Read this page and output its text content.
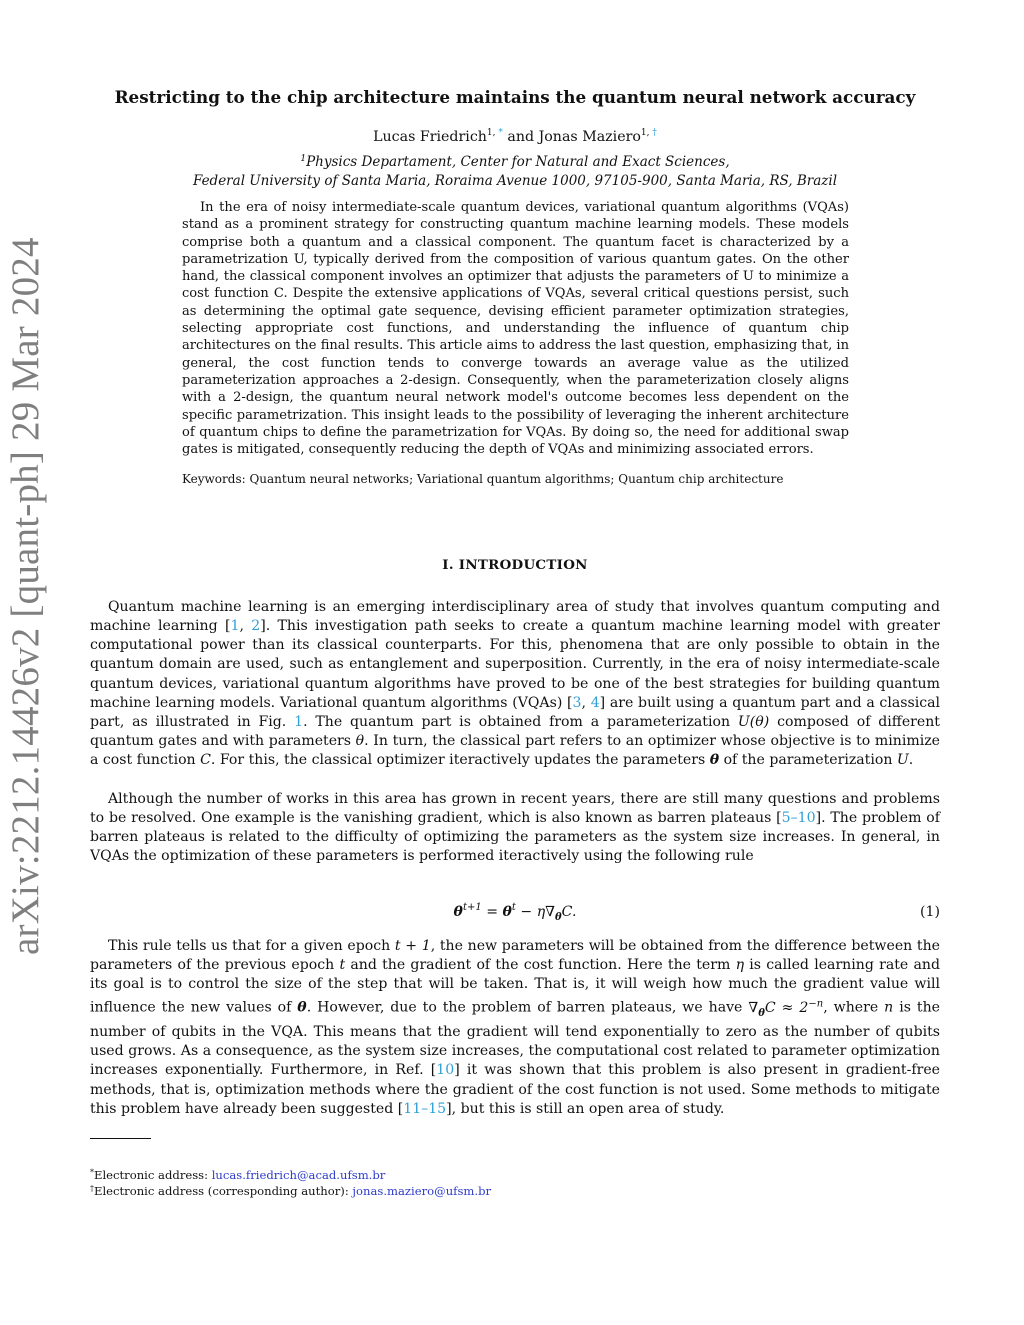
arXiv:2212.14426v2 [quant-ph] 29 Mar 2024
Restricting to the chip architecture maintains the quantum neural network accuracy
Lucas Friedrich$^{1, *}$ and Jonas Maziero$^{1, \dagger}$
$^1$Physics Departament, Center for Natural and Exact Sciences,
Federal University of Santa Maria, Roraima Avenue 1000, 97105-900, Santa Maria, RS, Brazil

In the era of noisy intermediate-scale quantum devices, variational quantum algorithms (VQAs) stand as a prominent strategy for constructing quantum machine learning models. These models comprise both a quantum and a classical component. The quantum facet is characterized by a parametrization U, typically derived from the composition of various quantum gates. On the other hand, the classical component involves an optimizer that adjusts the parameters of U to minimize a cost function C. Despite the extensive applications of VQAs, several critical questions persist, such as determining the optimal gate sequence, devising efficient parameter optimization strategies, selecting appropriate cost functions, and understanding the influence of quantum chip architectures on the final results. This article aims to address the last question, emphasizing that, in general, the cost function tends to converge towards an average value as the utilized parameterization approaches a 2-design. Consequently, when the parameterization closely aligns with a 2-design, the quantum neural network model's outcome becomes less dependent on the specific parametrization. This insight leads to the possibility of leveraging the inherent architecture of quantum chips to define the parametrization for VQAs. By doing so, the need for additional swap gates is mitigated, consequently reducing the depth of VQAs and minimizing associated errors.

Keywords: Quantum neural networks; Variational quantum algorithms; Quantum chip architecture

I. INTRODUCTION

Quantum machine learning is an emerging interdisciplinary area of study that involves quantum computing and machine learning [1, 2]. This investigation path seeks to create a quantum machine learning model with greater computational power than its classical counterparts. For this, phenomena that are only possible to obtain in the quantum domain are used, such as entanglement and superposition. Currently, in the era of noisy intermediate-scale quantum devices, variational quantum algorithms have proved to be one of the best strategies for building quantum machine learning models. Variational quantum algorithms (VQAs) [3, 4] are built using a quantum part and a classical part, as illustrated in Fig. 1. The quantum part is obtained from a parameterization U(θ) composed of different quantum gates and with parameters θ. In turn, the classical part refers to an optimizer whose objective is to minimize a cost function C. For this, the classical optimizer iteractively updates the parameters θ of the parameterization U.

Although the number of works in this area has grown in recent years, there are still many questions and problems to be resolved. One example is the vanishing gradient, which is also known as barren plateaus [5–10]. The problem of barren plateaus is related to the difficulty of optimizing the parameters as the system size increases. In general, in VQAs the optimization of these parameters is performed iteractively using the following rule

$\theta^{t+1} = \theta^t - \eta\nabla_\theta C$.	(1)

This rule tells us that for a given epoch t + 1, the new parameters will be obtained from the difference between the parameters of the previous epoch t and the gradient of the cost function. Here the term η is called learning rate and its goal is to control the size of the step that will be taken. That is, it will weigh how much the gradient value will influence the new values of θ. However, due to the problem of barren plateaus, we have $\nabla_\theta C \approx 2^{-n}$, where n is the number of qubits in the VQA. This means that the gradient will tend exponentially to zero as the number of qubits used grows. As a consequence, as the system size increases, the computational cost related to parameter optimization increases exponentially. Furthermore, in Ref. [10] it was shown that this problem is also present in gradient-free methods, that is, optimization methods where the gradient of the cost function is not used. Some methods to mitigate this problem have already been suggested [11–15], but this is still an open area of study.

*Electronic address: lucas.friedrich@acad.ufsm.br

†Electronic address (corresponding author): jonas.maziero@ufsm.br
